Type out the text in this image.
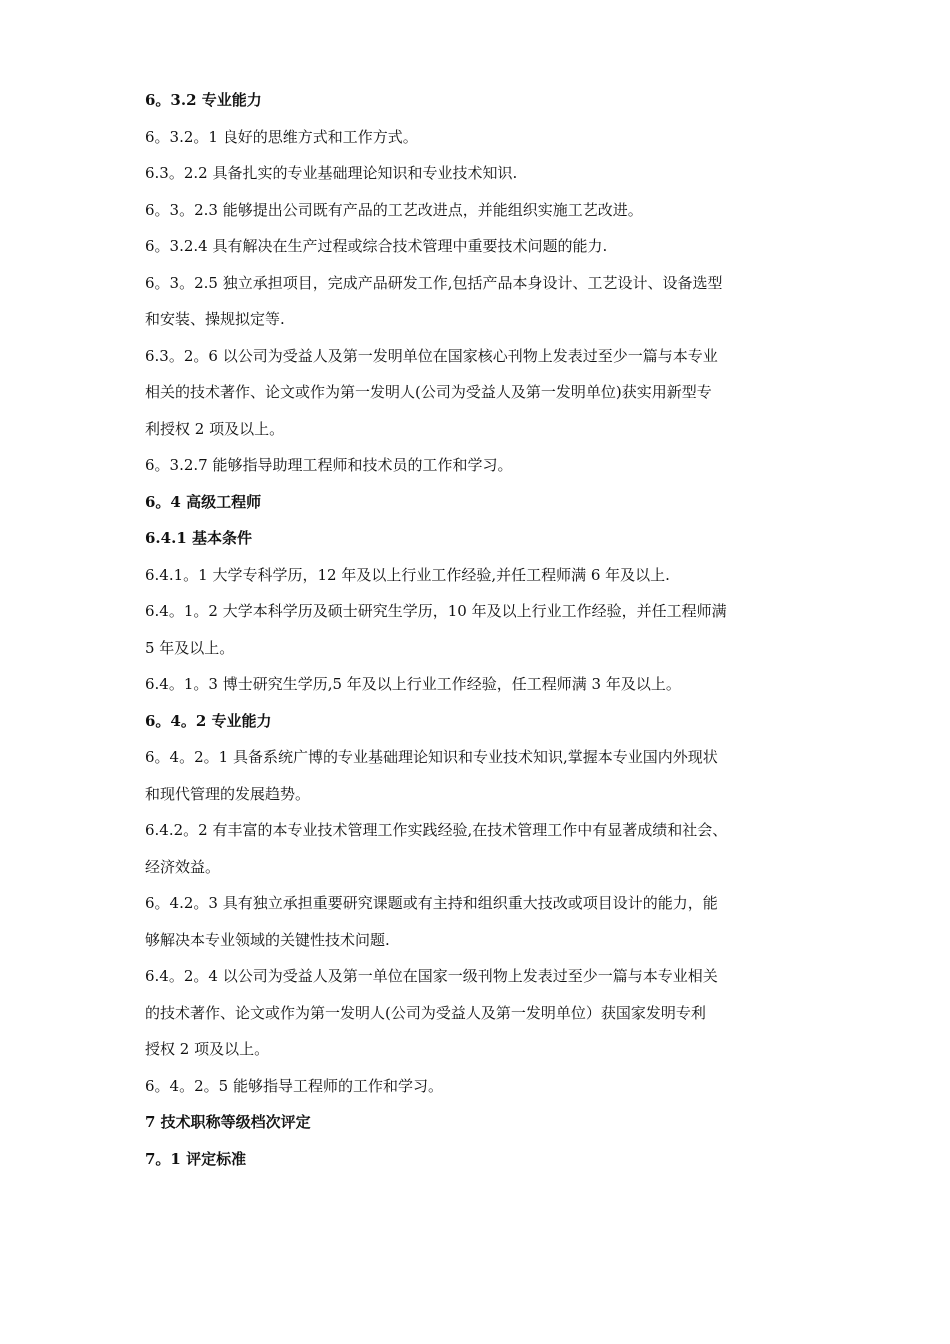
6。3.2 专业能力
6。3.2。1 良好的思维方式和工作方式。
6.3。2.2 具备扎实的专业基础理论知识和专业技术知识.
6。3。2.3 能够提出公司既有产品的工艺改进点，并能组织实施工艺改进。
6。3.2.4 具有解决在生产过程或综合技术管理中重要技术问题的能力.
6。3。2.5 独立承担项目，完成产品研发工作,包括产品本身设计、工艺设计、设备选型
和安装、操规拟定等.
6.3。2。6 以公司为受益人及第一发明单位在国家核心刊物上发表过至少一篇与本专业
相关的技术著作、论文或作为第一发明人(公司为受益人及第一发明单位)获实用新型专
利授权 2 项及以上。
6。3.2.7 能够指导助理工程师和技术员的工作和学习。
6。4 高级工程师
6.4.1 基本条件
6.4.1。1 大学专科学历，12 年及以上行业工作经验,并任工程师满 6 年及以上.
6.4。1。2 大学本科学历及硕士研究生学历，10 年及以上行业工作经验，并任工程师满
5 年及以上。
6.4。1。3 博士研究生学历,5 年及以上行业工作经验，任工程师满 3 年及以上。
6。4。2 专业能力
6。4。2。1 具备系统广博的专业基础理论知识和专业技术知识,掌握本专业国内外现状
和现代管理的发展趋势。
6.4.2。2 有丰富的本专业技术管理工作实践经验,在技术管理工作中有显著成绩和社会、
经济效益。
6。4.2。3 具有独立承担重要研究课题或有主持和组织重大技改或项目设计的能力，能
够解决本专业领域的关键性技术问题.
6.4。2。4 以公司为受益人及第一单位在国家一级刊物上发表过至少一篇与本专业相关
的技术著作、论文或作为第一发明人(公司为受益人及第一发明单位）获国家发明专利
授权 2 项及以上。
6。4。2。5 能够指导工程师的工作和学习。
7 技术职称等级档次评定
7。1 评定标准
